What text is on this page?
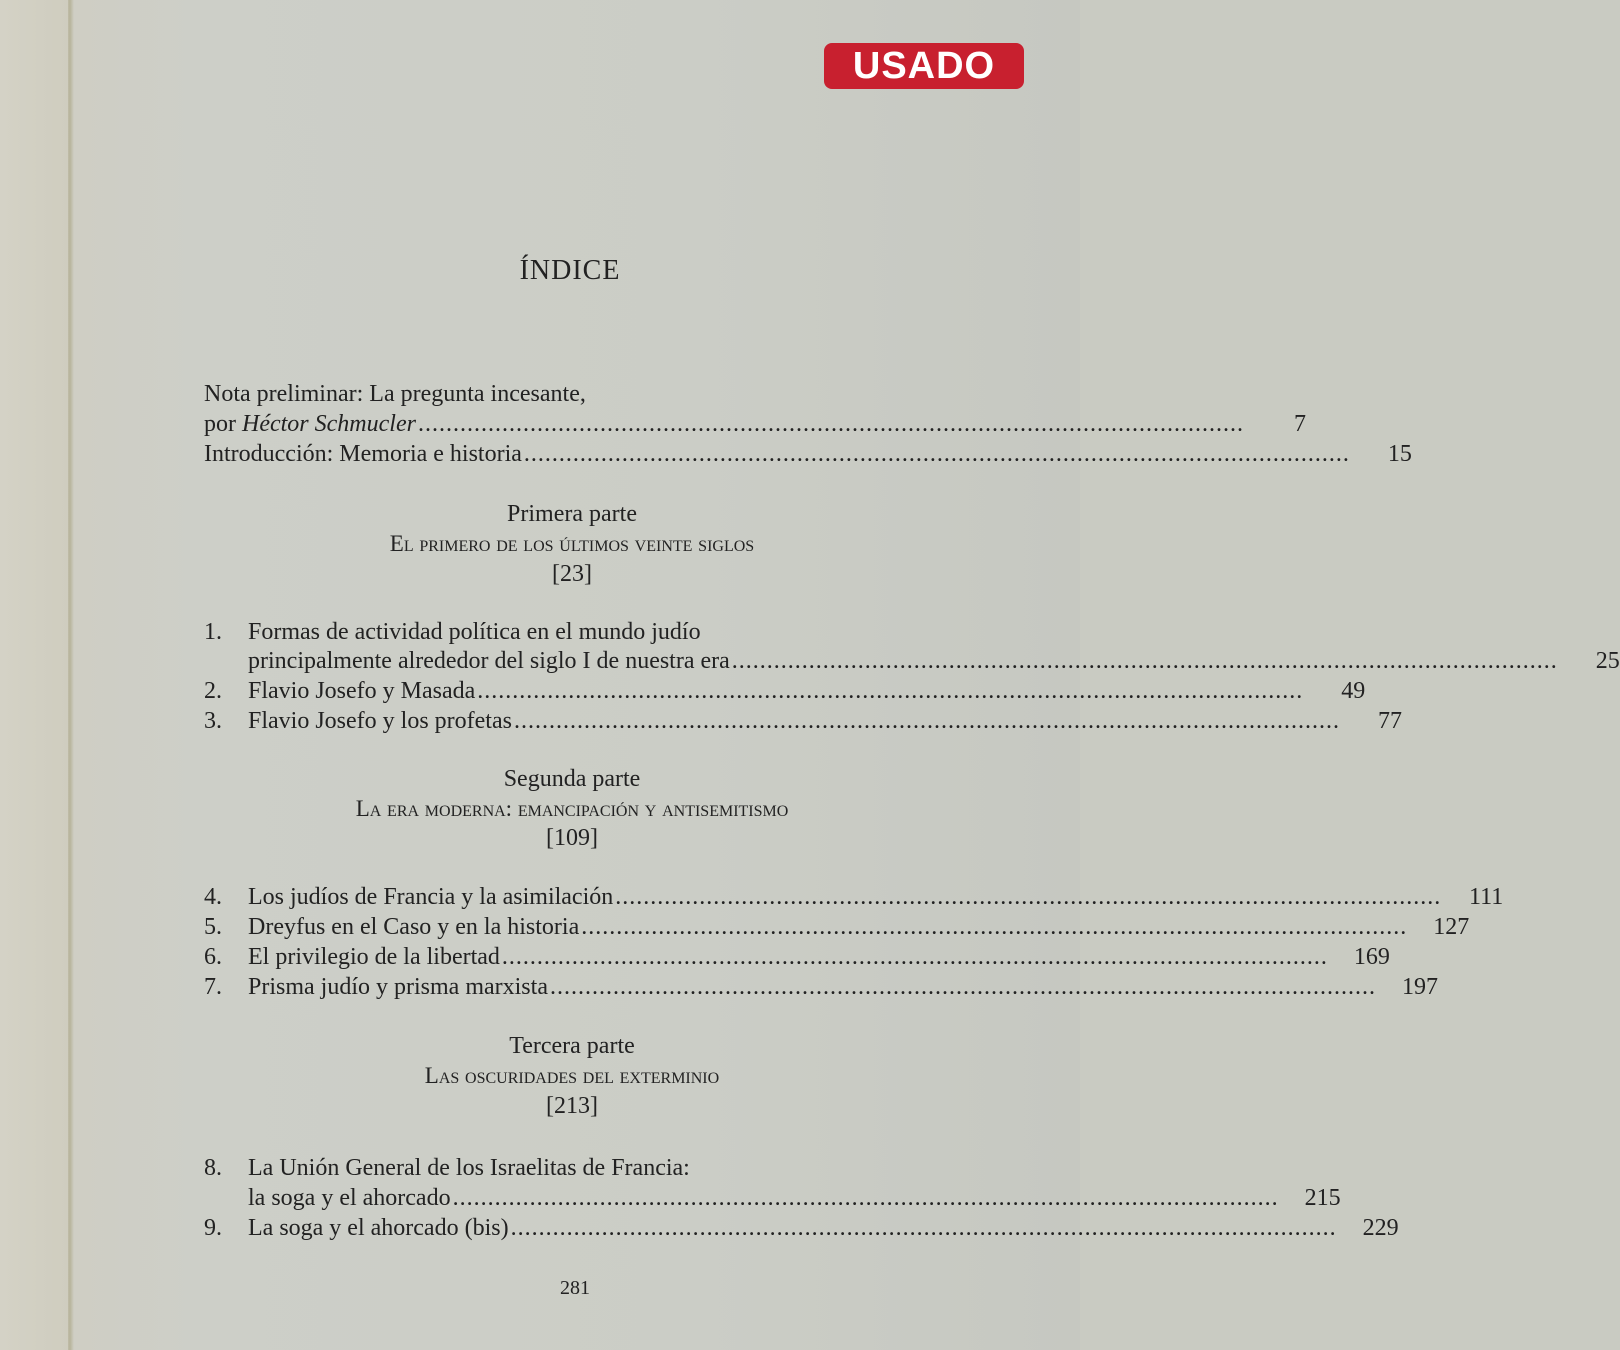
USADO
ÍNDICE
Nota preliminar: La pregunta incesante,
por Héctor Schmucler ......................................................................................................................	7
Introducción: Memoria e historia ......................................................................................................................	15
Primera parte
El primero de los últimos veinte siglos
[23]
1.	Formas de actividad política en el mundo judío
principalmente alrededor del siglo I de nuestra era ......................................................................................................................	25
2.	Flavio Josefo y Masada ......................................................................................................................	49
3.	Flavio Josefo y los profetas ......................................................................................................................	77
Segunda parte
La era moderna: emancipación y antisemitismo
[109]
4.	Los judíos de Francia y la asimilación ......................................................................................................................	111
5.	Dreyfus en el Caso y en la historia ......................................................................................................................	127
6.	El privilegio de la libertad ......................................................................................................................	169
7.	Prisma judío y prisma marxista ......................................................................................................................	197
Tercera parte
Las oscuridades del exterminio
[213]
8.	La Unión General de los Israelitas de Francia:
la soga y el ahorcado ......................................................................................................................	215
9.	La soga y el ahorcado (bis) ......................................................................................................................	229
281
